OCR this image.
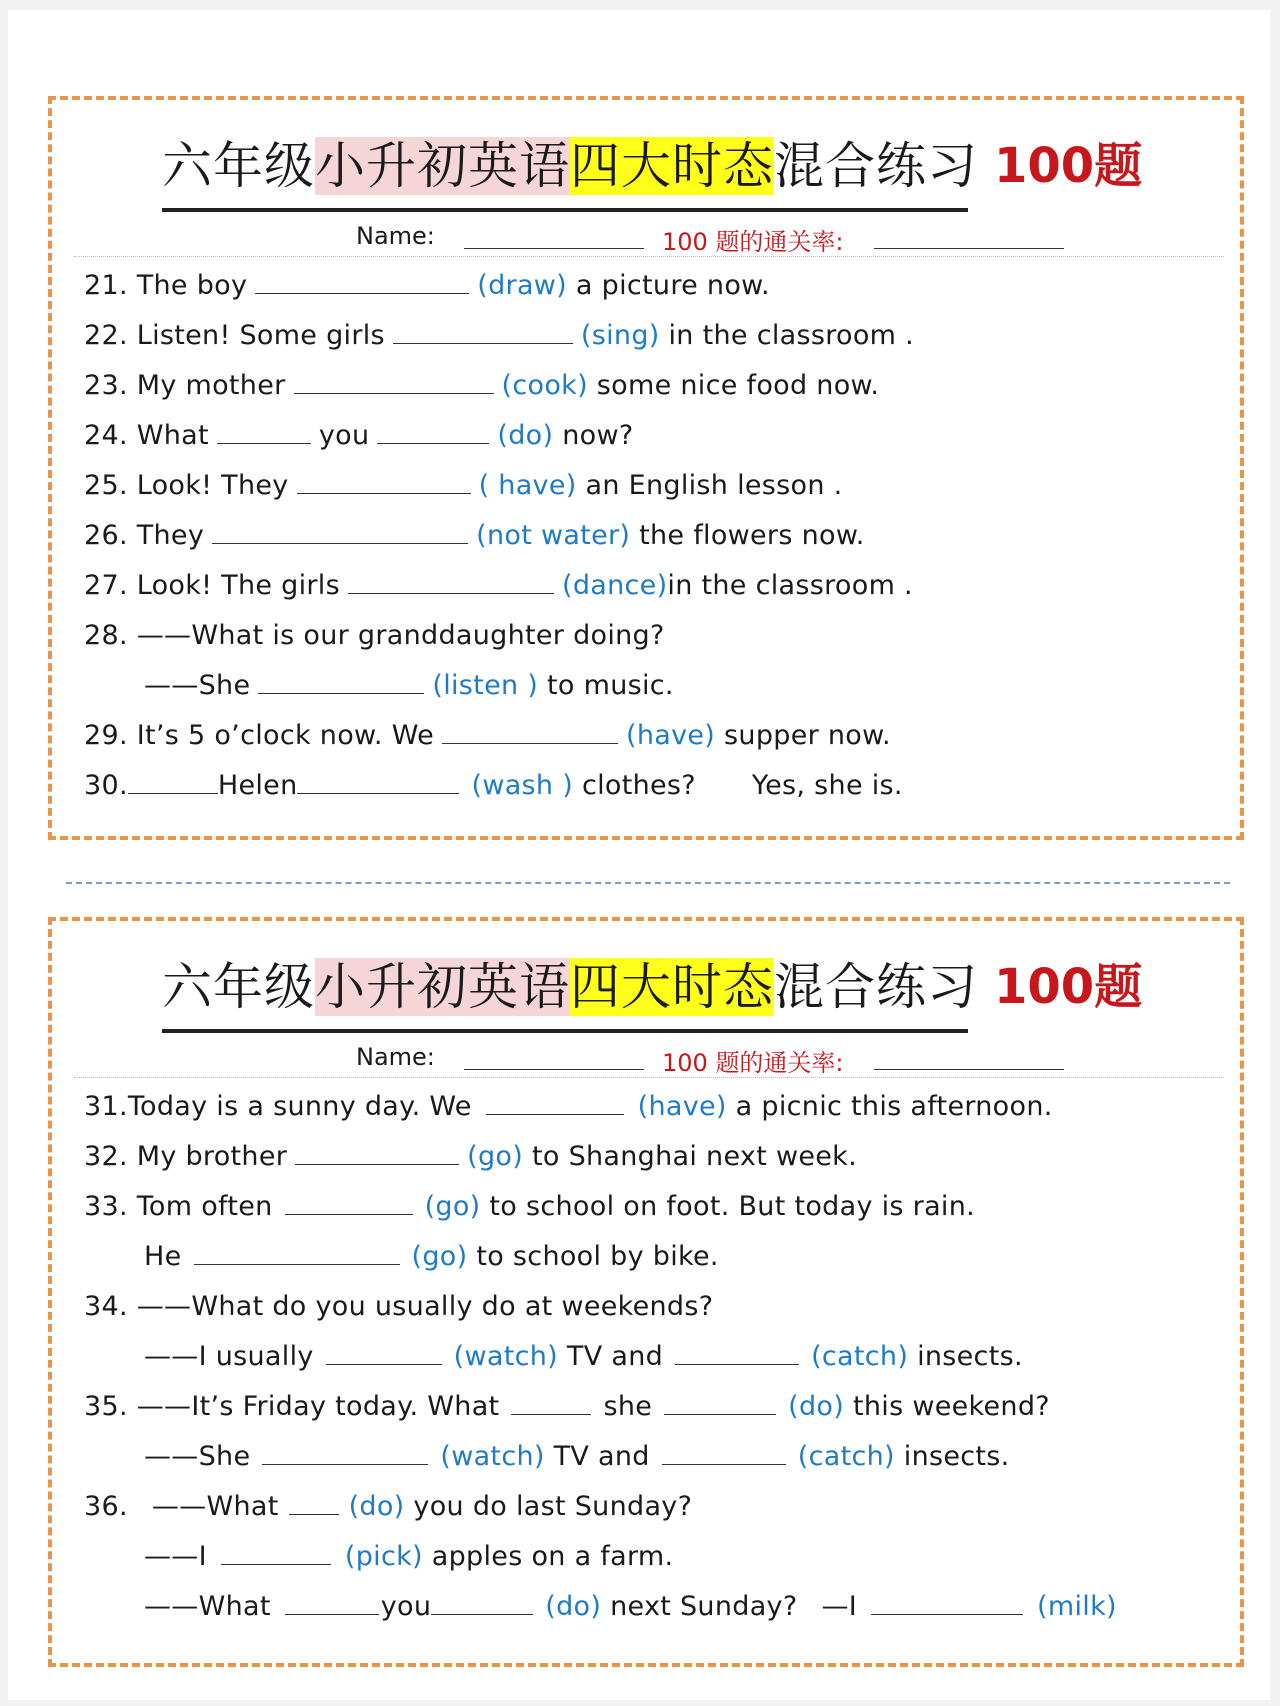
六年级小升初英语四大时态混合练习 100题
Name:	100 题的通关率:
21. The boy	(draw) a picture now.
22. Listen! Some girls	(sing) in the classroom .
23. My mother	(cook) some nice food now.
24. What	you	(do) now?
25. Look! They	( have) an English lesson .
26. They	(not water) the flowers now.
27. Look! The girls	(dance)in the classroom .
28. ——What is our granddaughter doing?
——She	(listen ) to music.
29. It’s 5 o’clock now. We	(have) supper now.
30.	Helen	(wash ) clothes? Yes, she is.
六年级小升初英语四大时态混合练习 100题
Name:	100 题的通关率:
31.Today is a sunny day. We	(have) a picnic this afternoon.
32. My brother	(go) to Shanghai next week.
33. Tom often	(go) to school on foot. But today is rain.
He	(go) to school by bike.
34. ——What do you usually do at weekends?
——I usually	(watch) TV and	(catch) insects.
35. ——It’s Friday today. What	she	(do) this weekend?
——She	(watch) TV and	(catch) insects.
36. ——What	(do) you do last Sunday?
——I	(pick) apples on a farm.
——What	you	(do) next Sunday? —I	(milk)
